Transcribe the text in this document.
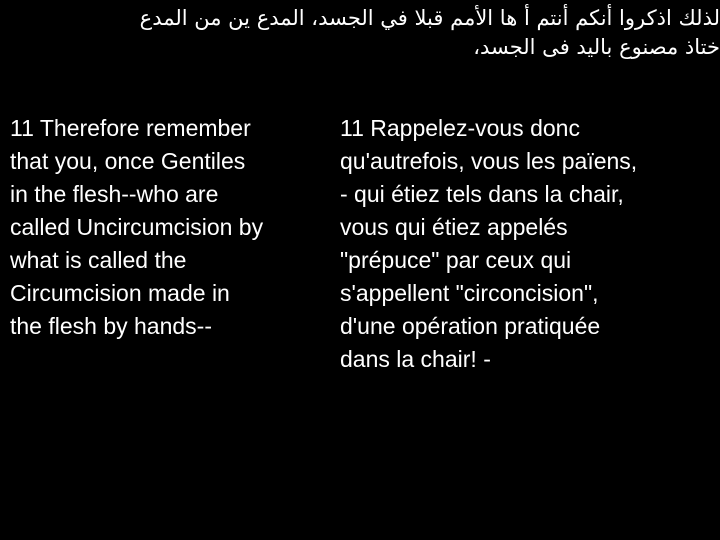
لذلك اذكروا أنكم أنتم أ ها الأمم قبلا في الجسد، المدع ين من المدع
ختاذ مصنوع باليد فى الجسد،
11 Therefore remember
that you, once Gentiles
in the flesh--who are
called Uncircumcision by
what is called the
Circumcision made in
the flesh by hands--
11 Rappelez-vous donc
qu'autrefois, vous les païens,
- qui étiez tels dans la chair,
vous qui étiez appelés
"prépuce" par ceux qui
s'appellent "circoncision",
d'une opération pratiquée
dans la chair! -
